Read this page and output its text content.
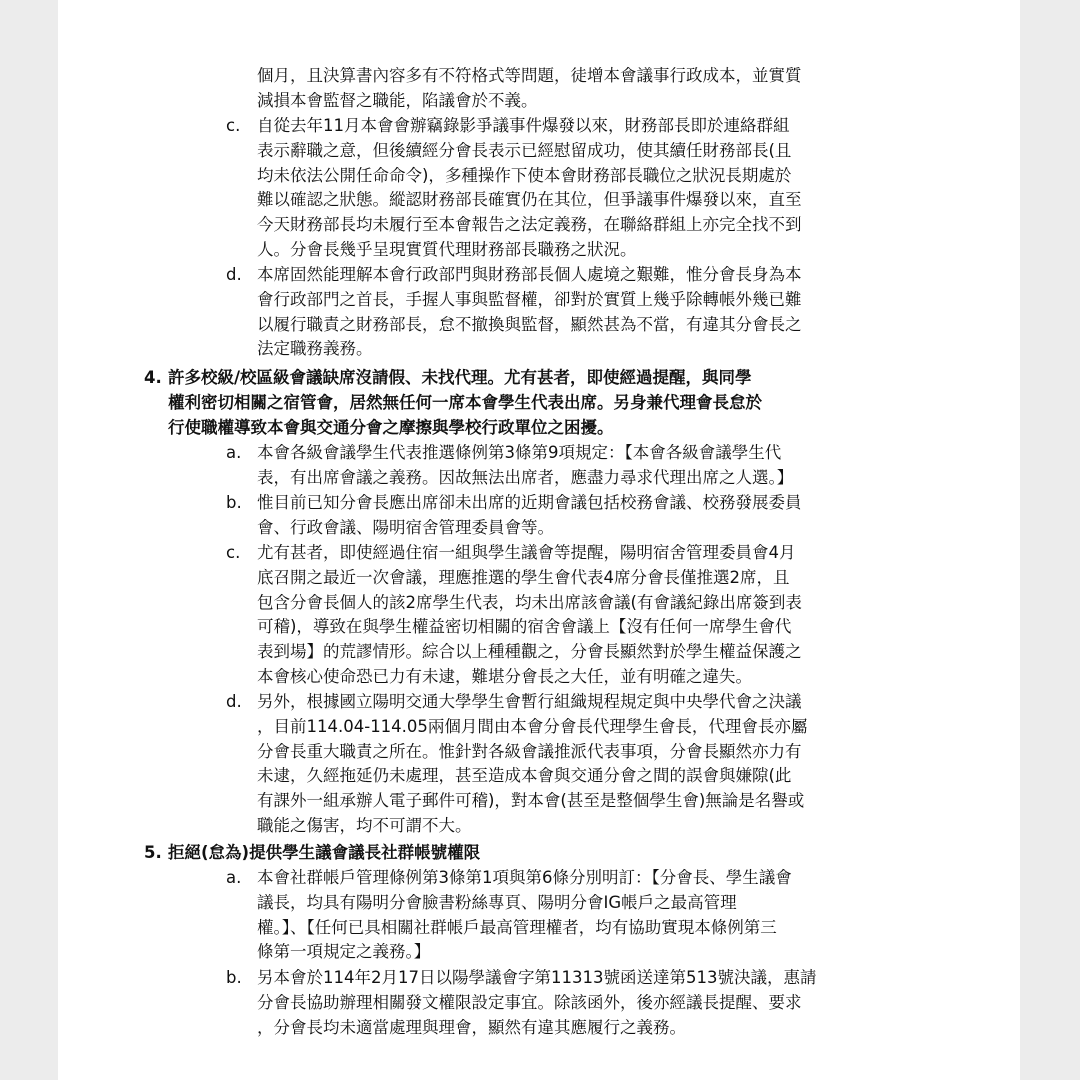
個月，且決算書內容多有不符格式等問題，徒增本會議事行政成本，並實質
減損本會監督之職能，陷議會於不義。
c. 自從去年11月本會會辦竊錄影爭議事件爆發以來，財務部長即於連絡群組
表示辭職之意，但後續經分會長表示已經慰留成功，使其續任財務部長(且
均未依法公開任命命令)，多種操作下使本會財務部長職位之狀況長期處於
難以確認之狀態。縱認財務部長確實仍在其位，但爭議事件爆發以來，直至
今天財務部長均未履行至本會報告之法定義務，在聯絡群組上亦完全找不到
人。分會長幾乎呈現實質代理財務部長職務之狀況。
d. 本席固然能理解本會行政部門與財務部長個人處境之艱難，惟分會長身為本
會行政部門之首長，手握人事與監督權，卻對於實質上幾乎除轉帳外幾已難
以履行職責之財務部長，怠不撤換與監督，顯然甚為不當，有違其分會長之
法定職務義務。
4. 許多校級/校區級會議缺席沒請假、未找代理。尤有甚者，即使經過提醒，與同學
權利密切相關之宿管會，居然無任何一席本會學生代表出席。另身兼代理會長怠於
行使職權導致本會與交通分會之摩擦與學校行政單位之困擾。
a. 本會各級會議學生代表推選條例第3條第9項規定：【本會各級會議學生代
表，有出席會議之義務。因故無法出席者，應盡力尋求代理出席之人選。】
b. 惟目前已知分會長應出席卻未出席的近期會議包括校務會議、校務發展委員
會、行政會議、陽明宿舍管理委員會等。
c. 尤有甚者，即使經過住宿一組與學生議會等提醒，陽明宿舍管理委員會4月
底召開之最近一次會議，理應推選的學生會代表4席分會長僅推選2席，且
包含分會長個人的該2席學生代表，均未出席該會議(有會議紀錄出席簽到表
可稽)，導致在與學生權益密切相關的宿舍會議上【沒有任何一席學生會代
表到場】的荒謬情形。綜合以上種種觀之，分會長顯然對於學生權益保護之
本會核心使命恐已力有未逮，難堪分會長之大任，並有明確之違失。
d. 另外，根據國立陽明交通大學學生會暫行組織規程規定與中央學代會之決議
，目前114.04-114.05兩個月間由本會分會長代理學生會長，代理會長亦屬
分會長重大職責之所在。惟針對各級會議推派代表事項，分會長顯然亦力有
未逮，久經拖延仍未處理，甚至造成本會與交通分會之間的誤會與嫌隙(此
有課外一組承辦人電子郵件可稽)，對本會(甚至是整個學生會)無論是名譽或
職能之傷害，均不可謂不大。
5. 拒絕(怠為)提供學生議會議長社群帳號權限
a. 本會社群帳戶管理條例第3條第1項與第6條分別明訂：【分會長、學生議會
議長，均具有陽明分會臉書粉絲專頁、陽明分會IG帳戶之最高管理
權。】、【任何已具相關社群帳戶最高管理權者，均有協助實現本條例第三
條第一項規定之義務。】
b. 另本會於114年2月17日以陽學議會字第11313號函送達第513號決議，惠請
分會長協助辦理相關發文權限設定事宜。除該函外，後亦經議長提醒、要求
，分會長均未適當處理與理會，顯然有違其應履行之義務。
